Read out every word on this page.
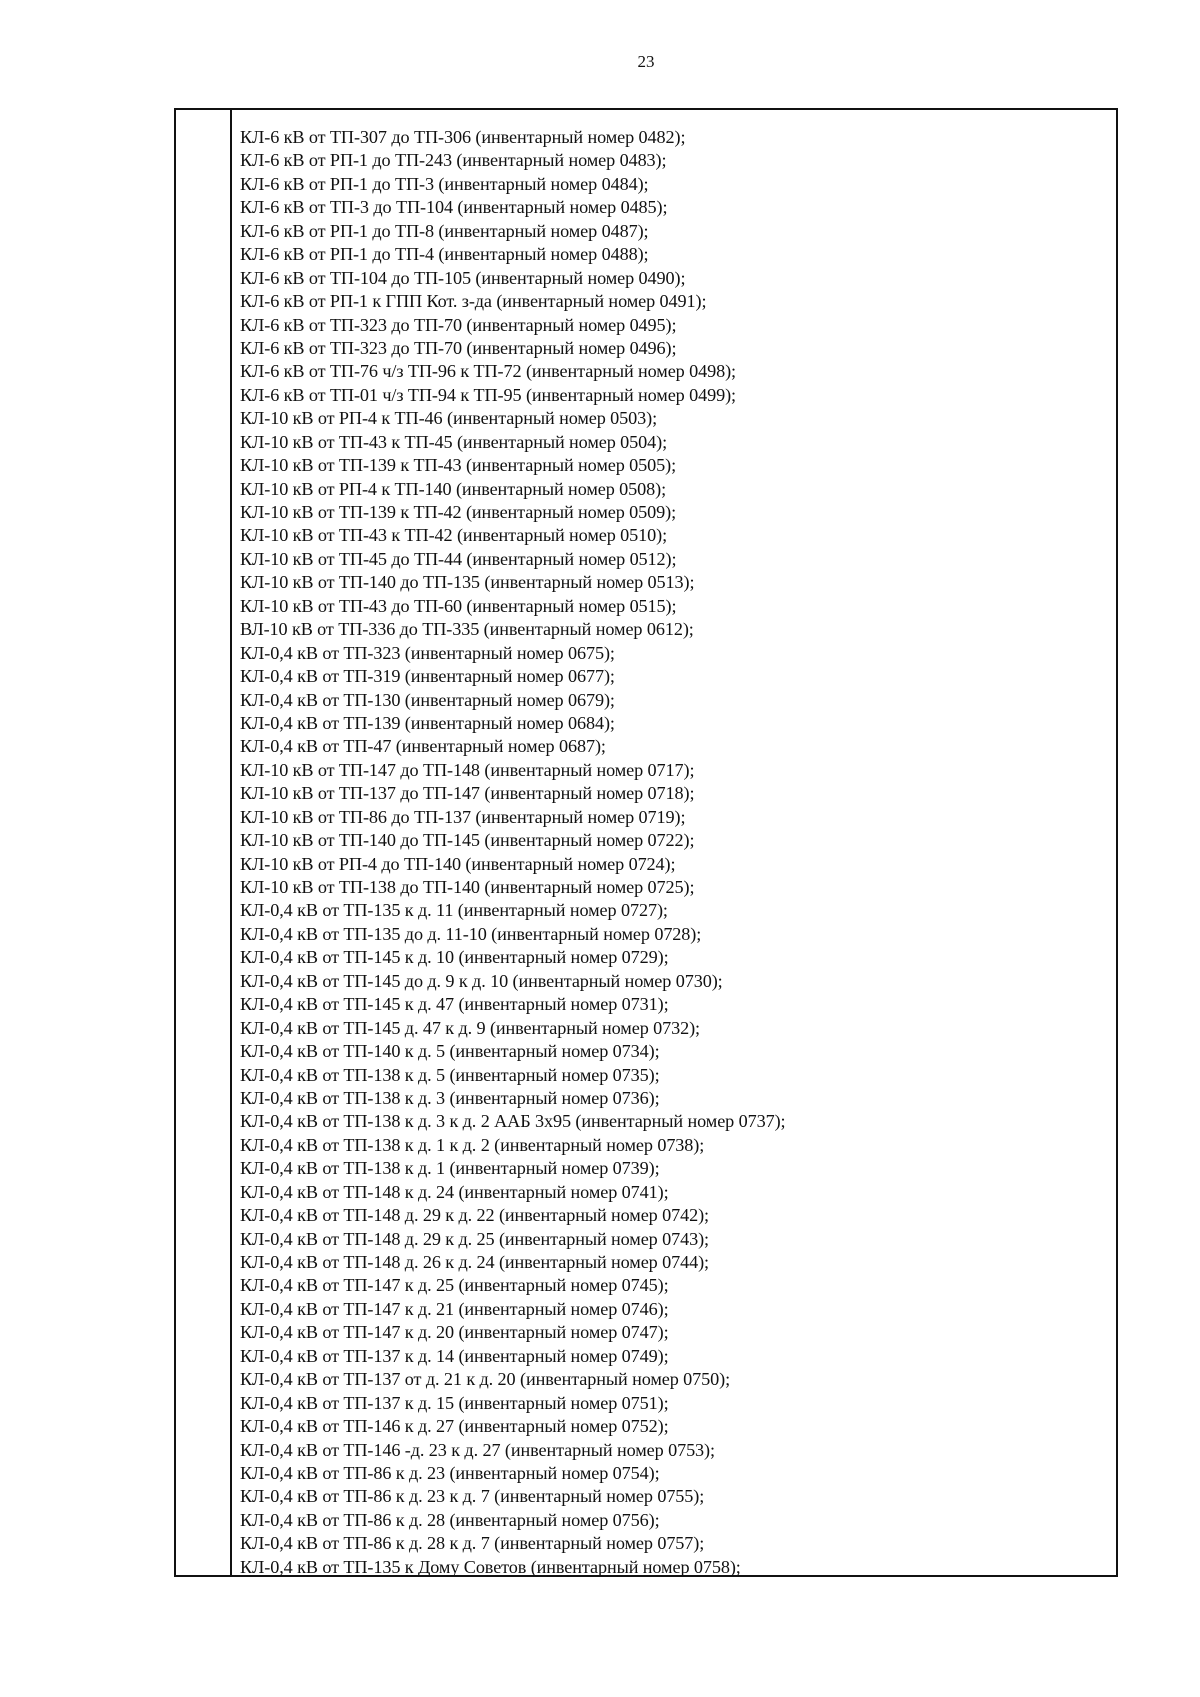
23
КЛ-6 кВ от ТП-307 до ТП-306 (инвентарный номер 0482);
КЛ-6 кВ от РП-1 до ТП-243 (инвентарный номер 0483);
КЛ-6 кВ от РП-1 до ТП-3 (инвентарный номер 0484);
КЛ-6 кВ от ТП-3 до ТП-104 (инвентарный номер 0485);
КЛ-6 кВ от РП-1 до ТП-8 (инвентарный номер 0487);
КЛ-6 кВ от РП-1 до ТП-4 (инвентарный номер 0488);
КЛ-6 кВ от ТП-104 до ТП-105 (инвентарный номер 0490);
КЛ-6 кВ от РП-1 к ГПП Кот. з-да (инвентарный номер 0491);
КЛ-6 кВ от ТП-323 до ТП-70 (инвентарный номер 0495);
КЛ-6 кВ от ТП-323 до ТП-70 (инвентарный номер 0496);
КЛ-6 кВ от ТП-76 ч/з ТП-96 к ТП-72 (инвентарный номер 0498);
КЛ-6 кВ от ТП-01 ч/з ТП-94 к ТП-95 (инвентарный номер 0499);
КЛ-10 кВ от РП-4 к ТП-46 (инвентарный номер 0503);
КЛ-10 кВ от ТП-43 к ТП-45 (инвентарный номер 0504);
КЛ-10 кВ от ТП-139 к ТП-43 (инвентарный номер 0505);
КЛ-10 кВ от РП-4 к ТП-140 (инвентарный номер 0508);
КЛ-10 кВ от ТП-139 к ТП-42 (инвентарный номер 0509);
КЛ-10 кВ от ТП-43 к ТП-42 (инвентарный номер 0510);
КЛ-10 кВ от ТП-45 до ТП-44 (инвентарный номер 0512);
КЛ-10 кВ от ТП-140 до ТП-135 (инвентарный номер 0513);
КЛ-10 кВ от ТП-43 до ТП-60 (инвентарный номер 0515);
ВЛ-10 кВ от ТП-336 до ТП-335 (инвентарный номер 0612);
КЛ-0,4 кВ от ТП-323 (инвентарный номер 0675);
КЛ-0,4 кВ от ТП-319 (инвентарный номер 0677);
КЛ-0,4 кВ от ТП-130 (инвентарный номер 0679);
КЛ-0,4 кВ от ТП-139 (инвентарный номер 0684);
КЛ-0,4 кВ от ТП-47 (инвентарный номер 0687);
КЛ-10 кВ от ТП-147 до ТП-148 (инвентарный номер 0717);
КЛ-10 кВ от ТП-137 до ТП-147 (инвентарный номер 0718);
КЛ-10 кВ от ТП-86 до ТП-137 (инвентарный номер 0719);
КЛ-10 кВ от ТП-140 до ТП-145 (инвентарный номер 0722);
КЛ-10 кВ от РП-4 до ТП-140 (инвентарный номер 0724);
КЛ-10 кВ от ТП-138 до ТП-140 (инвентарный номер 0725);
КЛ-0,4 кВ от ТП-135 к д. 11 (инвентарный номер 0727);
КЛ-0,4 кВ от ТП-135 до д. 11-10 (инвентарный номер 0728);
КЛ-0,4 кВ от ТП-145 к д. 10 (инвентарный номер 0729);
КЛ-0,4 кВ от ТП-145 до д. 9 к д. 10 (инвентарный номер 0730);
КЛ-0,4 кВ от ТП-145 к д. 47 (инвентарный номер 0731);
КЛ-0,4 кВ от ТП-145 д. 47 к д. 9 (инвентарный номер 0732);
КЛ-0,4 кВ от ТП-140 к д. 5 (инвентарный номер 0734);
КЛ-0,4 кВ от ТП-138 к д. 5 (инвентарный номер 0735);
КЛ-0,4 кВ от ТП-138 к д. 3 (инвентарный номер 0736);
КЛ-0,4 кВ от ТП-138 к д. 3 к д. 2 ААБ 3х95 (инвентарный номер 0737);
КЛ-0,4 кВ от ТП-138 к д. 1 к д. 2 (инвентарный номер 0738);
КЛ-0,4 кВ от ТП-138 к д. 1 (инвентарный номер 0739);
КЛ-0,4 кВ от ТП-148 к д. 24 (инвентарный номер 0741);
КЛ-0,4 кВ от ТП-148 д. 29 к д. 22 (инвентарный номер 0742);
КЛ-0,4 кВ от ТП-148 д. 29 к д. 25 (инвентарный номер 0743);
КЛ-0,4 кВ от ТП-148 д. 26 к д. 24 (инвентарный номер 0744);
КЛ-0,4 кВ от ТП-147 к д. 25 (инвентарный номер 0745);
КЛ-0,4 кВ от ТП-147 к д. 21 (инвентарный номер 0746);
КЛ-0,4 кВ от ТП-147 к д. 20 (инвентарный номер 0747);
КЛ-0,4 кВ от ТП-137 к д. 14 (инвентарный номер 0749);
КЛ-0,4 кВ от ТП-137 от д. 21 к д. 20 (инвентарный номер 0750);
КЛ-0,4 кВ от ТП-137 к д. 15 (инвентарный номер 0751);
КЛ-0,4 кВ от ТП-146 к д. 27 (инвентарный номер 0752);
КЛ-0,4 кВ от ТП-146 -д. 23 к д. 27 (инвентарный номер 0753);
КЛ-0,4 кВ от ТП-86 к д. 23 (инвентарный номер 0754);
КЛ-0,4 кВ от ТП-86 к д. 23 к д. 7 (инвентарный номер 0755);
КЛ-0,4 кВ от ТП-86 к д. 28 (инвентарный номер 0756);
КЛ-0,4 кВ от ТП-86 к д. 28 к д. 7 (инвентарный номер 0757);
КЛ-0,4 кВ от ТП-135 к Дому Советов (инвентарный номер 0758);
